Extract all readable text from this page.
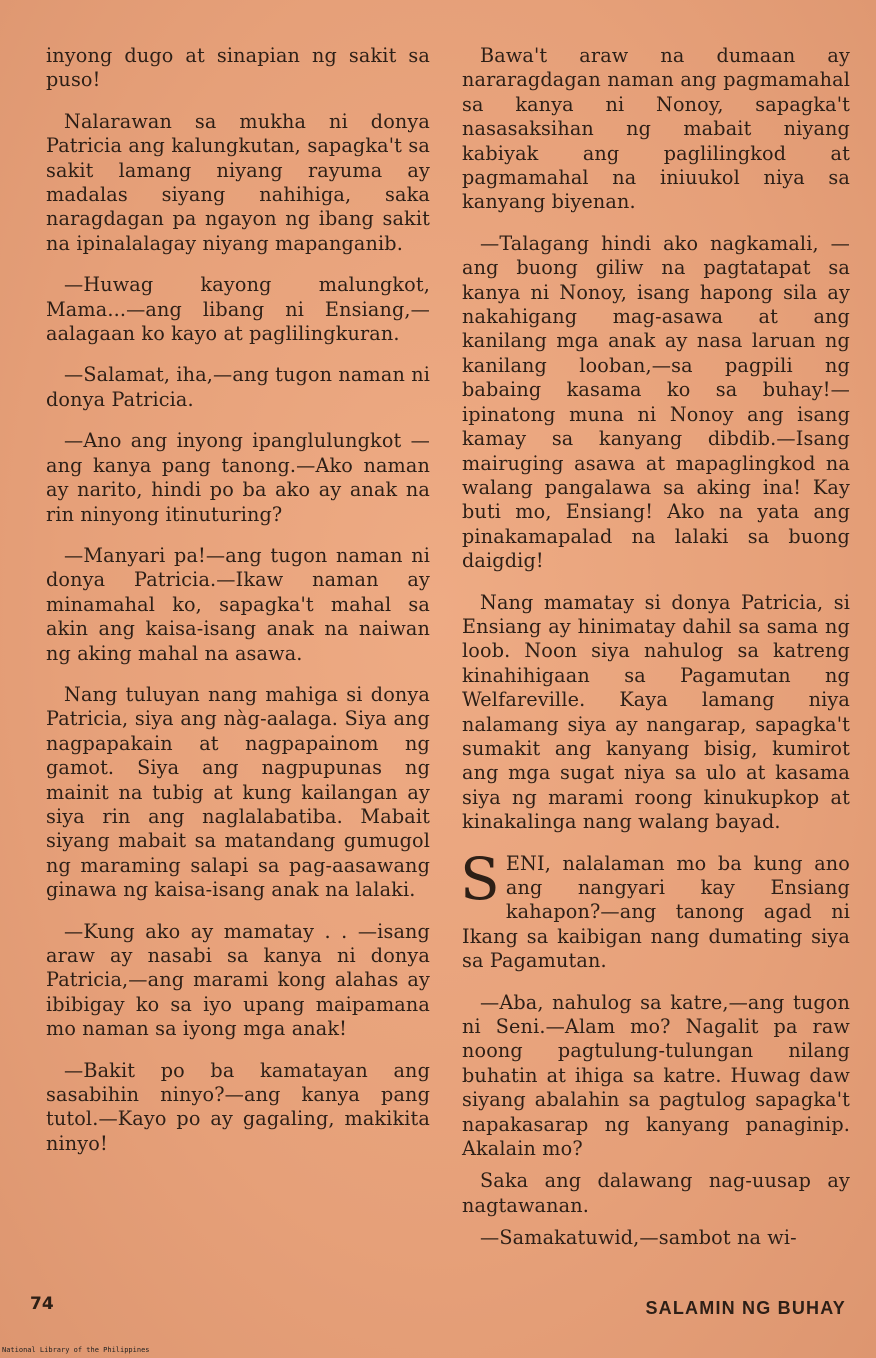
inyong dugo at sinapian ng sakit sa puso!

Nalarawan sa mukha ni donya Patricia ang kalungkutan, sapagka't sa sakit lamang niyang rayuma ay madalas siyang nahihiga, saka naragdagan pa ngayon ng ibang sakit na ipinalalagay niyang mapanganib.

—Huwag kayong malungkot, Mama...—ang libang ni Ensiang,—aalagaan ko kayo at paglilingkuran.

—Salamat, iha,—ang tugon naman ni donya Patricia.

—Ano ang inyong ipanglulungkot —ang kanya pang tanong.—Ako naman ay narito, hindi po ba ako ay anak na rin ninyong itinuturing?

—Manyari pa!—ang tugon naman ni donya Patricia.—Ikaw naman ay minamahal ko, sapagka't mahal sa akin ang kaisa-isang anak na naiwan ng aking mahal na asawa.

Nang tuluyan nang mahiga si donya Patricia, siya ang nàg-aalaga. Siya ang nagpapakain at nagpapainom ng gamot. Siya ang nagpupunas ng mainit na tubig at kung kailangan ay siya rin ang naglalabatiba. Mabait siyang mabait sa matandang gumugol ng maraming salapi sa pag-aasawang ginawa ng kaisa-isang anak na lalaki.

—Kung ako ay mamatay . . —isang araw ay nasabi sa kanya ni donya Patricia,—ang marami kong alahas ay ibibigay ko sa iyo upang maipamana mo naman sa iyong mga anak!

—Bakit po ba kamatayan ang sasabihin ninyo?—ang kanya pang tutol.—Kayo po ay gagaling, makikita ninyo!

Bawa't araw na dumaan ay nararagdagan naman ang pagmamahal sa kanya ni Nonoy, sapagka't nasasaksihan ng mabait niyang kabiyak ang paglilingkod at pagmamahal na iniuukol niya sa kanyang biyenan.

—Talagang hindi ako nagkamali, —ang buong giliw na pagtatapat sa kanya ni Nonoy, isang hapong sila ay nakahigang mag-asawa at ang kanilang mga anak ay nasa laruan ng kanilang looban,—sa pagpili ng babaing kasama ko sa buhay!—ipinatong muna ni Nonoy ang isang kamay sa kanyang dibdib.—Isang mairuging asawa at mapaglingkod na walang pangalawa sa aking ina! Kay buti mo, Ensiang! Ako na yata ang pinakamapalad na lalaki sa buong daigdig!

Nang mamatay si donya Patricia, si Ensiang ay hinimatay dahil sa sama ng loob. Noon siya nahulog sa katreng kinahihigaan sa Pagamutan ng Welfareville. Kaya lamang niya nalamang siya ay nangarap, sapagka't sumakit ang kanyang bisig, kumirot ang mga sugat niya sa ulo at kasama siya ng marami roong kinukupkop at kinakalinga nang walang bayad.

SENI, nalalaman mo ba kung ano ang nangyari kay Ensiang kahapon?—ang tanong agad ni Ikang sa kaibigan nang dumating siya sa Pagamutan.

—Aba, nahulog sa katre,—ang tugon ni Seni.—Alam mo? Nagalit pa raw noong pagtulung-tulungan nilang buhatin at ihiga sa katre. Huwag daw siyang abalahin sa pagtulog sapagka't napakasarap ng kanyang panaginip. Akalain mo?

Saka ang dalawang nag-uusap ay nagtawanan.

—Samakatuwid,—sambot na wi-

74	SALAMIN NG BUHAY
National Library of the Philippines
